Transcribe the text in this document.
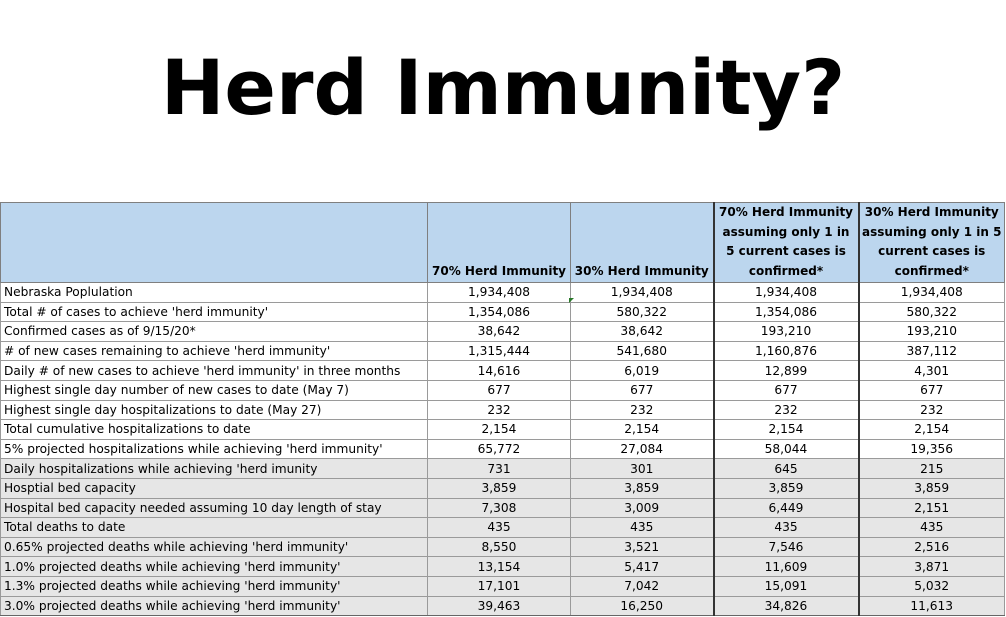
Herd Immunity?
	70% Herd Immunity	30% Herd Immunity	70% Herd Immunity assuming only 1 in 5 current cases is confirmed*	30% Herd Immunity assuming only 1 in 5 current cases is confirmed*
Nebraska Poplulation	1,934,408	1,934,408	1,934,408	1,934,408
Total # of cases to achieve 'herd immunity'	1,354,086	580,322	1,354,086	580,322
Confirmed cases as of 9/15/20*	38,642	38,642	193,210	193,210
# of new cases remaining to achieve 'herd immunity'	1,315,444	541,680	1,160,876	387,112
Daily # of new cases to achieve 'herd immunity' in three months	14,616	6,019	12,899	4,301
Highest single day number of new cases to date (May 7)	677	677	677	677
Highest single day hospitalizations to date (May 27)	232	232	232	232
Total cumulative hospitalizations to date	2,154	2,154	2,154	2,154
5% projected hospitalizations while achieving 'herd immunity'	65,772	27,084	58,044	19,356
Daily hospitalizations while achieving 'herd imunity	731	301	645	215
Hosptial bed capacity	3,859	3,859	3,859	3,859
Hospital bed capacity needed assuming 10 day length of stay	7,308	3,009	6,449	2,151
Total deaths to date	435	435	435	435
0.65% projected deaths while achieving 'herd immunity'	8,550	3,521	7,546	2,516
1.0% projected deaths while achieving 'herd immunity'	13,154	5,417	11,609	3,871
1.3% projected deaths while achieving 'herd immunity'	17,101	7,042	15,091	5,032
3.0% projected deaths while achieving 'herd immunity'	39,463	16,250	34,826	11,613
